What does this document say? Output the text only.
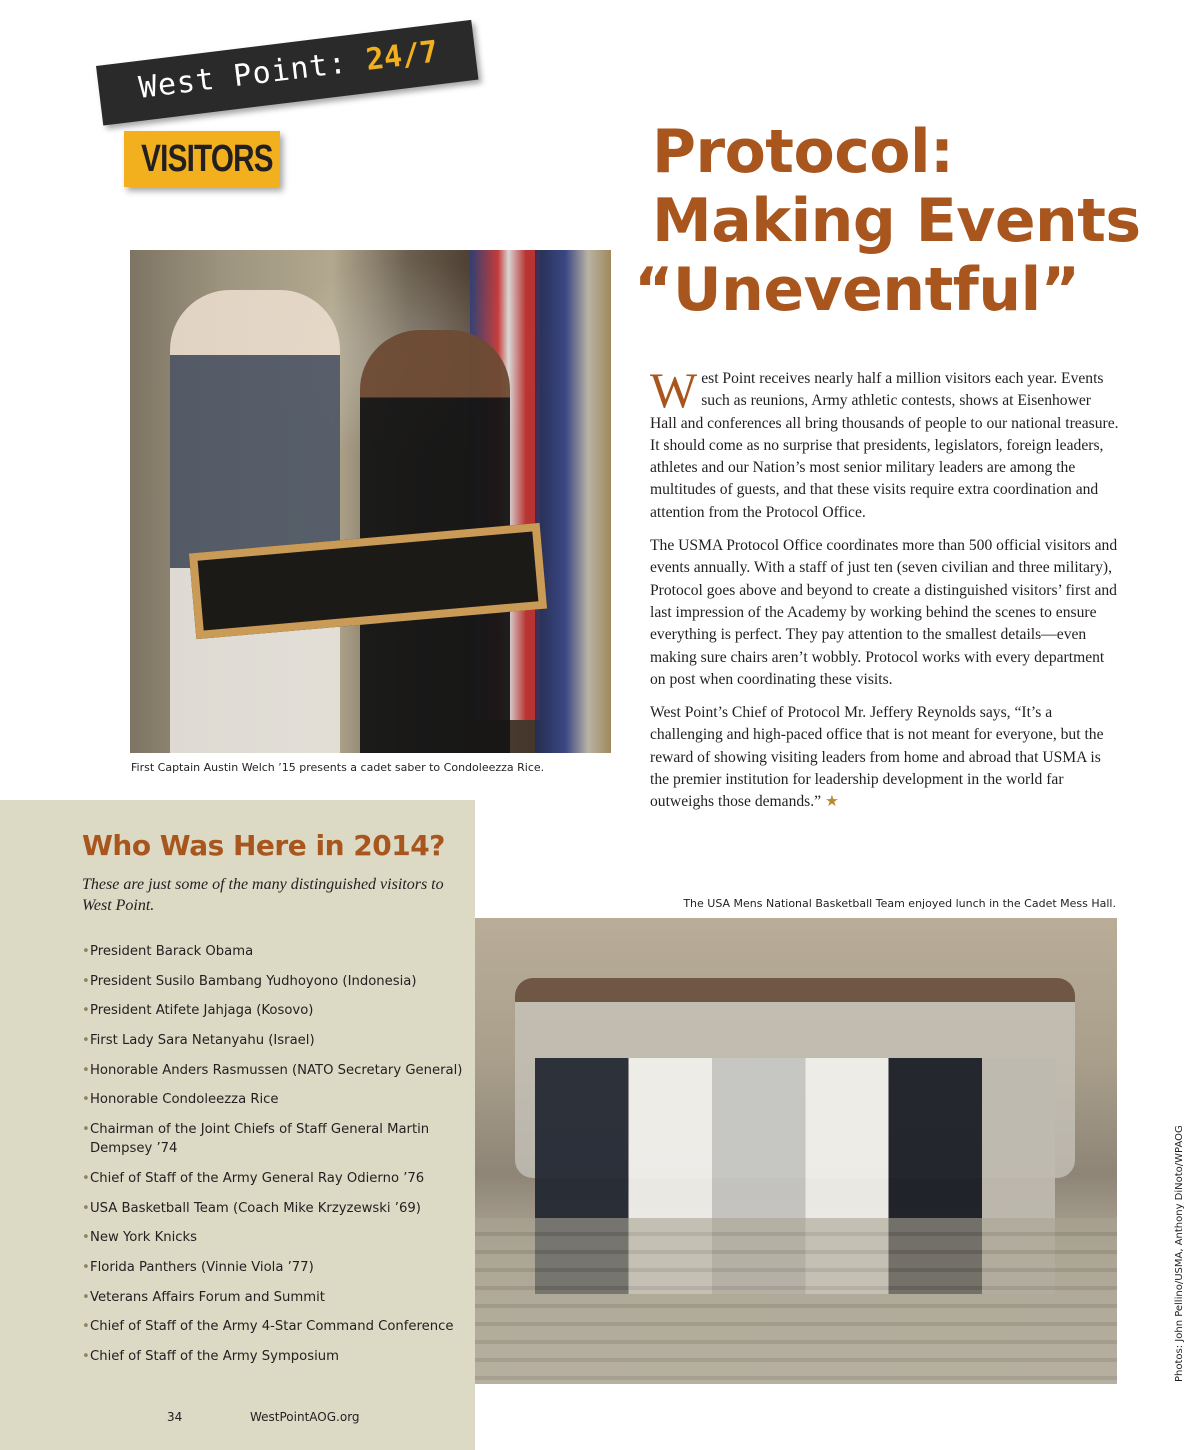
West Point: 24/7
VISITORS	Protocol:
Making Events
“Uneventful”
First Captain Austin Welch ’15 presents a cadet saber to Condoleezza Rice.

W est Point receives nearly half a million visitors each year. Events such as reunions, Army athletic contests, shows at Eisenhower Hall and conferences all bring thousands of people to our national treasure. It should come as no surprise that presidents, legislators, foreign leaders, athletes and our Nation’s most senior military leaders are among the multitudes of guests, and that these visits require extra coordination and attention from the Protocol Office.

The USMA Protocol Office coordinates more than 500 official visitors and events annually. With a staff of just ten (seven civilian and three military), Protocol goes above and beyond to create a distinguished visitors’ first and last impression of the Academy by working behind the scenes to ensure everything is perfect. They pay attention to the smallest details—even making sure chairs aren’t wobbly. Protocol works with every department on post when coordinating these visits.

West Point’s Chief of Protocol Mr. Jeffery Reynolds says, “It’s a challenging and high-paced office that is not meant for everyone, but the reward of showing visiting leaders from home and abroad that USMA is the premier institution for leadership development in the world far outweighs those demands.” ★

The USA Mens National Basketball Team enjoyed lunch in the Cadet Mess Hall.
Who Was Here in 2014?

These are just some of the many distinguished visitors to West Point.

• President Barack Obama
• President Susilo Bambang Yudhoyono (Indonesia)
• President Atifete Jahjaga (Kosovo)
• First Lady Sara Netanyahu (Israel)
• Honorable Anders Rasmussen (NATO Secretary General)
• Honorable Condoleezza Rice
• Chairman of the Joint Chiefs of Staff General Martin Dempsey ’74
• Chief of Staff of the Army General Ray Odierno ’76
• USA Basketball Team (Coach Mike Krzyzewski ’69)
• New York Knicks
• Florida Panthers (Vinnie Viola ’77)
• Veterans Affairs Forum and Summit
• Chief of Staff of the Army 4-Star Command Conference
• Chief of Staff of the Army Symposium
34	WestPointAOG.org
Photos: John Pellino/USMA, Anthony DiNoto/WPAOG
